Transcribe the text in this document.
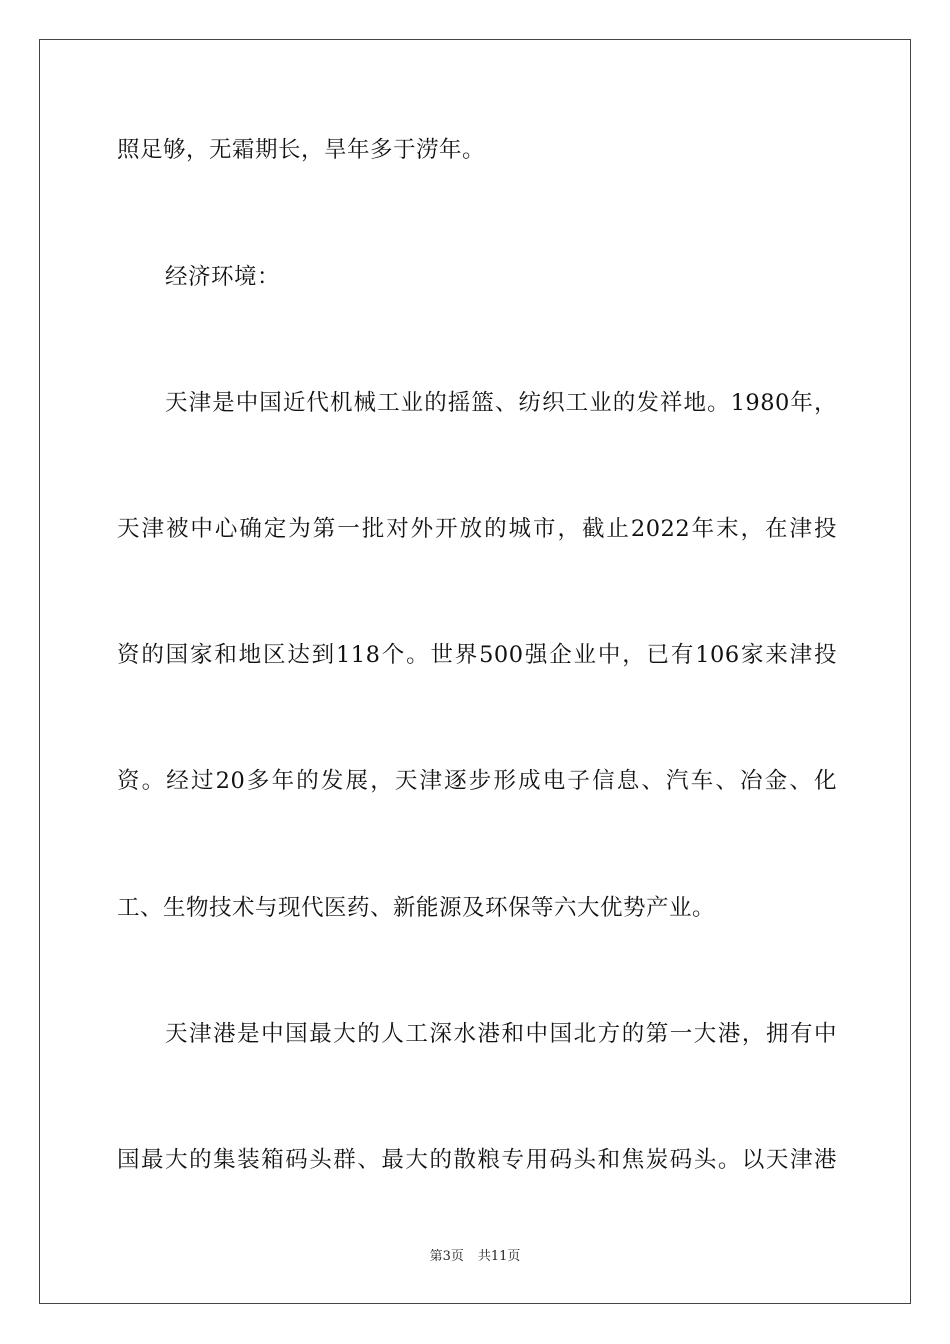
照足够，无霜期长，旱年多于涝年。
经济环境：
天津是中国近代机械工业的摇篮、纺织工业的发祥地。1980年，
天津被中心确定为第一批对外开放的城市，截止2022年末，在津投
资的国家和地区达到118个。世界500强企业中，已有106家来津投
资。经过20多年的发展，天津逐步形成电子信息、汽车、冶金、化
工、生物技术与现代医药、新能源及环保等六大优势产业。
天津港是中国最大的人工深水港和中国北方的第一大港，拥有中
国最大的集装箱码头群、最大的散粮专用码头和焦炭码头。以天津港
第3页 共11页
